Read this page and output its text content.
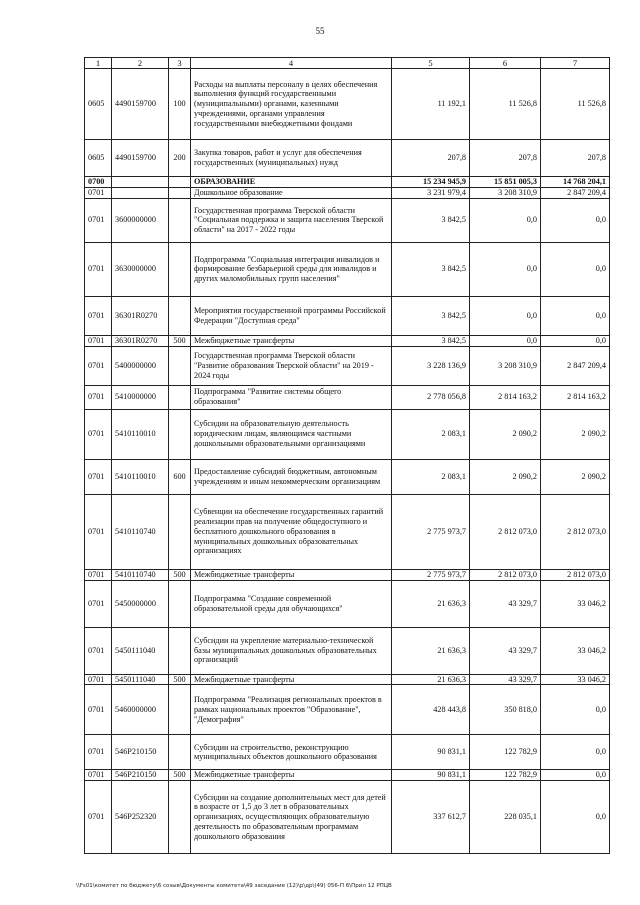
55
1	2	3	4	5	6	7
0605	4490159700	100	Расходы на выплаты персоналу в целях обеспечения выполнения функций государственными (муниципальными) органами, казенными учреждениями, органами управления государственными внебюджетными фондами	11 192,1	11 526,8	11 526,8
0605	4490159700	200	Закупка товаров, работ и услуг для обеспечения государственных (муниципальных) нужд	207,8	207,8	207,8
0700			ОБРАЗОВАНИЕ	15 234 945,9	15 851 005,3	14 768 204,1
0701			Дошкольное образование	3 231 979,4	3 208 310,9	2 847 209,4
0701	3600000000		Государственная программа Тверской области "Социальная поддержка и защита населения Тверской области" на 2017 - 2022 годы	3 842,5	0,0	0,0
0701	3630000000		Подпрограмма "Социальная интеграция инвалидов и формирование безбарьерной среды для инвалидов и других маломобильных групп населения"	3 842,5	0,0	0,0
0701	36301R0270		Мероприятия государственной программы Российской Федерации "Доступная среда"	3 842,5	0,0	0,0
0701	36301R0270	500	Межбюджетные трансферты	3 842,5	0,0	0,0
0701	5400000000		Государственная программа Тверской области "Развитие образования Тверской области" на 2019 - 2024 годы	3 228 136,9	3 208 310,9	2 847 209,4
0701	5410000000		Подпрограмма "Развитие системы общего образования"	2 778 056,8	2 814 163,2	2 814 163,2
0701	5410110010		Субсидии на образовательную деятельность юридическим лицам, являющимся частными дошкольными образовательными организациями	2 083,1	2 090,2	2 090,2
0701	5410110010	600	Предоставление субсидий бюджетным, автономным учреждениям и иным некоммерческим организациям	2 083,1	2 090,2	2 090,2
0701	5410110740		Субвенции на обеспечение государственных гарантий реализации прав на получение общедоступного и бесплатного дошкольного образования в муниципальных дошкольных образовательных организациях	2 775 973,7	2 812 073,0	2 812 073,0
0701	5410110740	500	Межбюджетные трансферты	2 775 973,7	2 812 073,0	2 812 073,0
0701	5450000000		Подпрограмма "Создание современной образовательной среды для обучающихся"	21 636,3	43 329,7	33 046,2
0701	5450111040		Субсидии на укрепление материально-технической базы муниципальных дошкольных образовательных организаций	21 636,3	43 329,7	33 046,2
0701	5450111040	500	Межбюджетные трансферты	21 636,3	43 329,7	33 046,2
0701	5460000000		Подпрограмма "Реализация региональных проектов в рамках национальных проектов "Образование", "Демография"	428 443,8	350 818,0	0,0
0701	546P210150		Субсидии на строительство, реконструкцию муниципальных объектов дошкольного образования	90 831,1	122 782,9	0,0
0701	546P210150	500	Межбюджетные трансферты	90 831,1	122 782,9	0,0
0701	546P252320		Субсидии на создание дополнительных мест для детей в возрасте от 1,5 до 3 лет в образовательных организациях, осуществляющих образовательную деятельность по образовательным программам дошкольного образования	337 612,7	228 035,1	0,0
\\Fs01\комитет по бюджету\6 созыв\Документы комитета\49 заседание (12)\р\др\(49) 056-П 6\Прил 12 РПЦВ
